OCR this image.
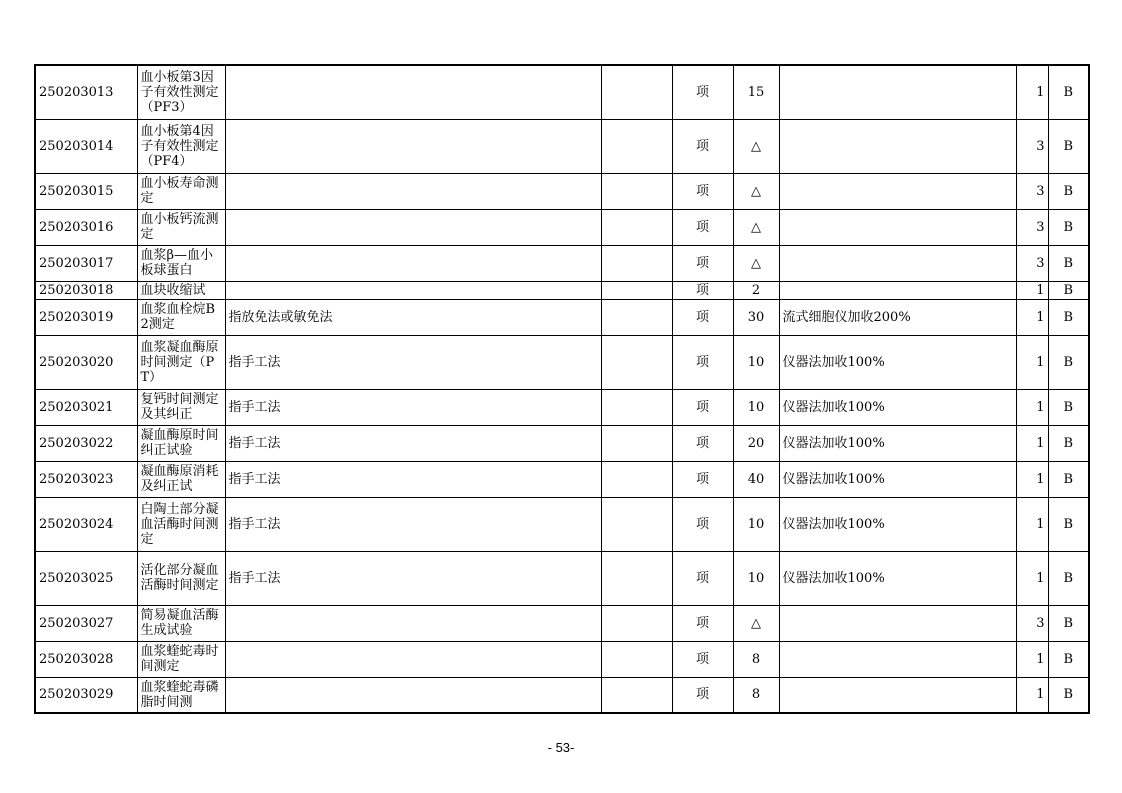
250203013	血小板第3因子有效性测定（PF3）			项	15		1	B
250203014	血小板第4因子有效性测定（PF4）			项	△		3	B
250203015	血小板寿命测定			项	△		3	B
250203016	血小板钙流测定			项	△		3	B
250203017	血浆β—血小板球蛋白			项	△		3	B
250203018	血块收缩试			项	2		1	B
250203019	血浆血栓烷B2测定	指放免法或敏免法		项	30	流式细胞仪加收200%	1	B
250203020	血浆凝血酶原时间测定（PT）	指手工法		项	10	仪器法加收100%	1	B
250203021	复钙时间测定及其纠正	指手工法		项	10	仪器法加收100%	1	B
250203022	凝血酶原时间纠正试验	指手工法		项	20	仪器法加收100%	1	B
250203023	凝血酶原消耗及纠正试	指手工法		项	40	仪器法加收100%	1	B
250203024	白陶土部分凝血活酶时间测定	指手工法		项	10	仪器法加收100%	1	B
250203025	活化部分凝血活酶时间测定	指手工法		项	10	仪器法加收100%	1	B
250203027	简易凝血活酶生成试验			项	△		3	B
250203028	血浆蝰蛇毒时间测定			项	8		1	B
250203029	血浆蝰蛇毒磷脂时间测			项	8		1	B
- 53-
